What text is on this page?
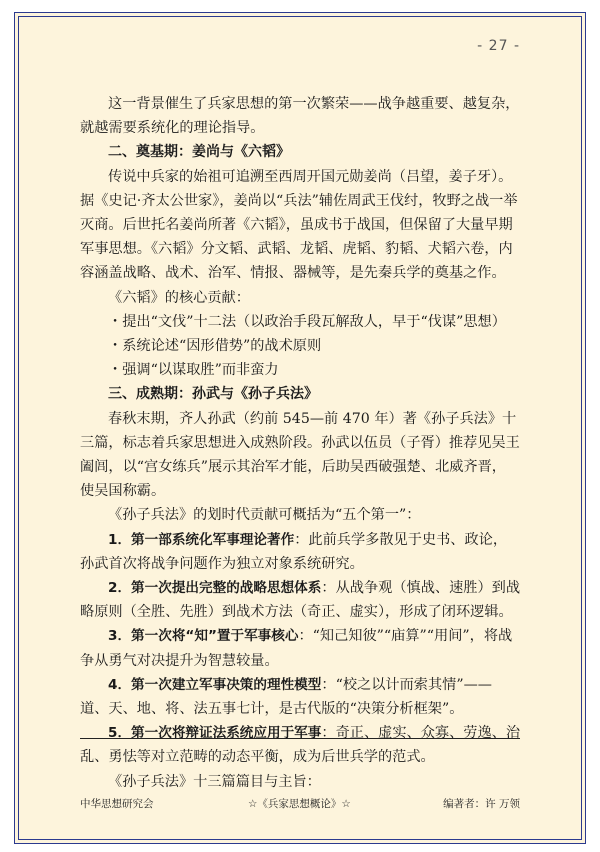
- 27 -

这一背景催生了兵家思想的第一次繁荣——战争越重要、越复杂，就越需要系统化的理论指导。

二、奠基期：姜尚与《六韬》

传说中兵家的始祖可追溯至西周开国元勋姜尚（吕望，姜子牙）。据《史记·齐太公世家》，姜尚以“兵法”辅佐周武王伐纣，牧野之战一举灭商。后世托名姜尚所著《六韬》，虽成书于战国，但保留了大量早期军事思想。《六韬》分文韬、武韬、龙韬、虎韬、豹韬、犬韬六卷，内容涵盖战略、战术、治军、情报、器械等，是先秦兵学的奠基之作。

《六韬》的核心贡献：

・提出“文伐”十二法（以政治手段瓦解敌人，早于“伐谋”思想）

・系统论述“因形借势”的战术原则

・强调“以谋取胜”而非蛮力

三、成熟期：孙武与《孙子兵法》

春秋末期，齐人孙武（约前 545—前 470 年）著《孙子兵法》十三篇，标志着兵家思想进入成熟阶段。孙武以伍员（子胥）推荐见吴王阖闾，以“宫女练兵”展示其治军才能，后助吴西破强楚、北威齐晋，使吴国称霸。

《孙子兵法》的划时代贡献可概括为“五个第一”：

1．第一部系统化军事理论著作：此前兵学多散见于史书、政论，孙武首次将战争问题作为独立对象系统研究。

2．第一次提出完整的战略思想体系：从战争观（慎战、速胜）到战略原则（全胜、先胜）到战术方法（奇正、虚实），形成了闭环逻辑。

3．第一次将“知”置于军事核心：“知己知彼”“庙算”“用间”，将战争从勇气对决提升为智慧较量。

4．第一次建立军事决策的理性模型：“校之以计而索其情”——道、天、地、将、法五事七计，是古代版的“决策分析框架”。

5．第一次将辩证法系统应用于军事：奇正、虚实、众寡、劳逸、治乱、勇怯等对立范畴的动态平衡，成为后世兵学的范式。

《孙子兵法》十三篇篇目与主旨：

中华思想研究会	☆《兵家思想概论》☆	编著者：许 万领
